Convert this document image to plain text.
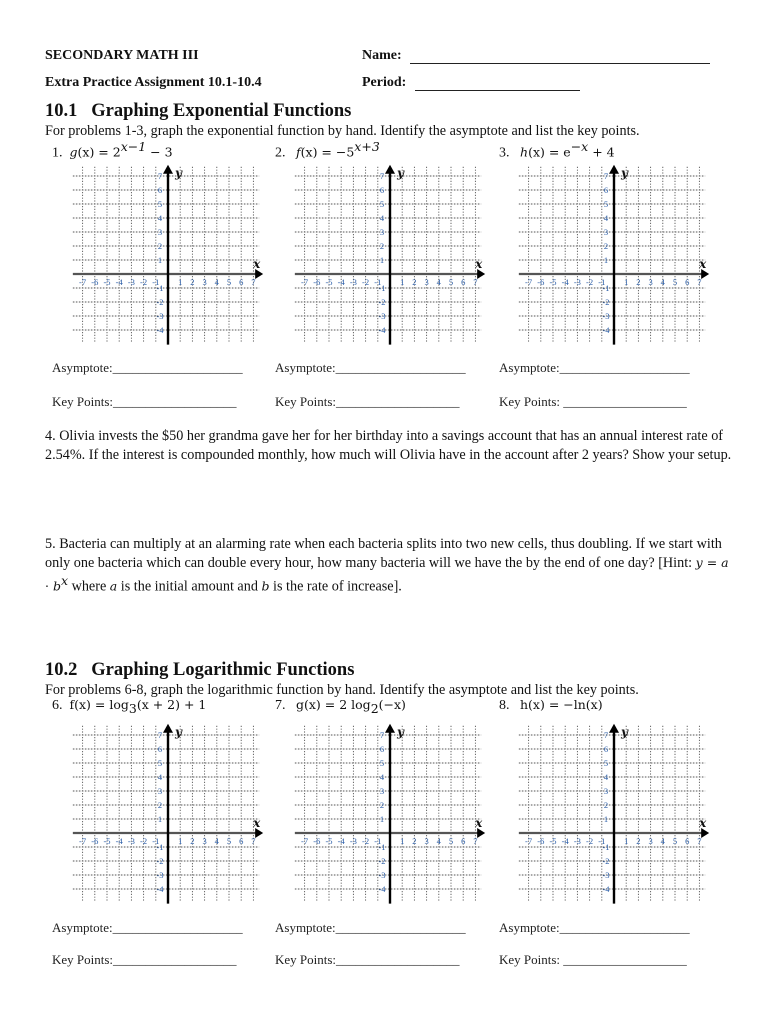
SECONDARY MATH III
Extra Practice Assignment 10.1-10.4
Name:
Period:
10.1 Graphing Exponential Functions
For problems 1-3, graph the exponential function by hand. Identify the asymptote and list the key points.
1. $g(x) = 2^{x-1} - 3$	2. $f(x) = -5^{x+3}$	3. $h(x) = e^{-x} + 4$
x
y
-7 -6 -5 -4 -3 -2 -1 1 2 3 4 5 6 7
7
6
5
4
3
2
1
-1
-2
-3
-4
x
y
-7 -6 -5 -4 -3 -2 -1 1 2 3 4 5 6 7
7
6
5
4
3
2
1
-1
-2
-3
-4
x
y
-7 -6 -5 -4 -3 -2 -1 1 2 3 4 5 6 7
7
6
5
4
3
2
1
-1
-2
-3
-4
Asymptote:____________________ Asymptote:____________________	Asymptote:____________________
Key Points:___________________	Key Points:___________________	Key Points: ___________________
4. Olivia invests the $50 her grandma gave her for her birthday into a savings account that has an annual interest rate of 2.54%. If the interest is compounded monthly, how much will Olivia have in the account after 2 years? Show your setup.
5. Bacteria can multiply at an alarming rate when each bacteria splits into two new cells, thus doubling. If we start with only one bacteria which can double every hour, how many bacteria will we have the by the end of one day? [Hint: $y = a \cdot b^x$ where a is the initial amount and b is the rate of increase].
10.2 Graphing Logarithmic Functions
For problems 6-8, graph the logarithmic function by hand. Identify the asymptote and list the key points.
6. $f(x) = \log_3(x + 2) + 1$	7. g(x) = 2 $\log_2(-x)$	8. h(x) = −ln(x)
x
y
-7 -6 -5 -4 -3 -2 -1 1 2 3 4 5 6 7
7
6
5
4
3
2
1
-1
-2
-3
-4
x
y
-7 -6 -5 -4 -3 -2 -1 1 2 3 4 5 6 7
7
6
5
4
3
2
1
-1
-2
-3
-4
x
y
-7 -6 -5 -4 -3 -2 -1 1 2 3 4 5 6 7
7
6
5
4
3
2
1
-1
-2
-3
-4
Asymptote:____________________ Asymptote:____________________	Asymptote:____________________
Key Points:___________________	Key Points:___________________	Key Points: ___________________
